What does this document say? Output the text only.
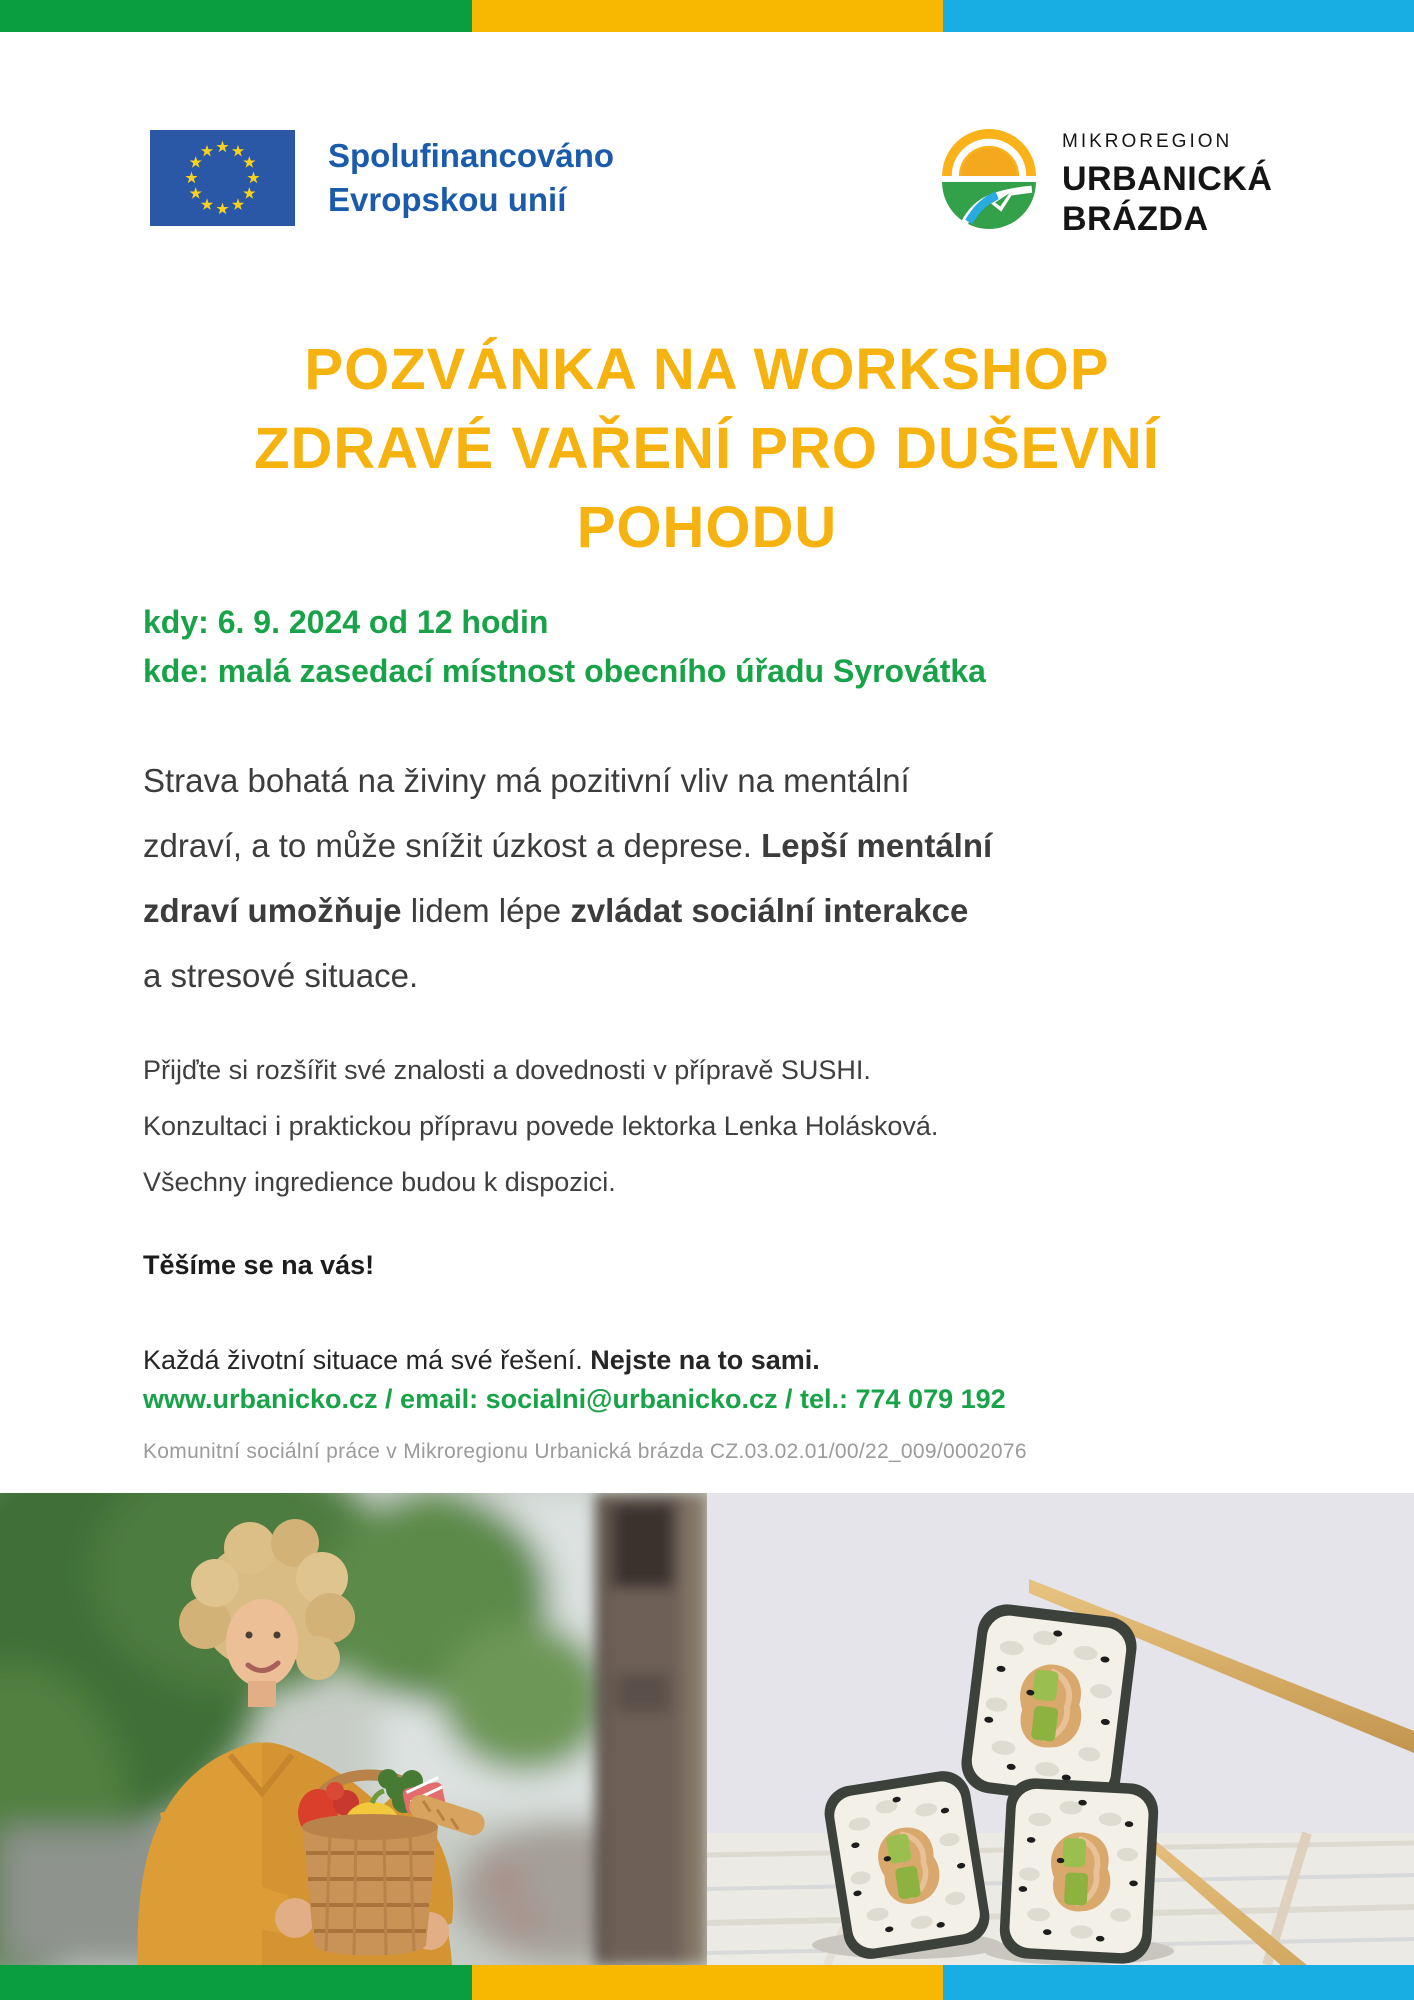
Spolufinancováno
Evropskou unií
MIKROREGION
URBANICKÁ
BRÁZDA
POZVÁNKA NA WORKSHOP
ZDRAVÉ VAŘENÍ PRO DUŠEVNÍ
POHODU
kdy: 6. 9. 2024 od 12 hodin
kde: malá zasedací místnost obecního úřadu Syrovátka
Strava bohatá na živiny má pozitivní vliv na mentální
zdraví, a to může snížit úzkost a deprese. Lepší mentální
zdraví umožňuje lidem lépe zvládat sociální interakce
a stresové situace.
Přijďte si rozšířit své znalosti a dovednosti v přípravě SUSHI.
Konzultaci i praktickou přípravu povede lektorka Lenka Holásková.
Všechny ingredience budou k dispozici.
Těšíme se na vás!
Každá životní situace má své řešení. Nejste na to sami.
www.urbanicko.cz / email: socialni@urbanicko.cz / tel.: 774 079 192
Komunitní sociální práce v Mikroregionu Urbanická brázda CZ.03.02.01/00/22_009/0002076
